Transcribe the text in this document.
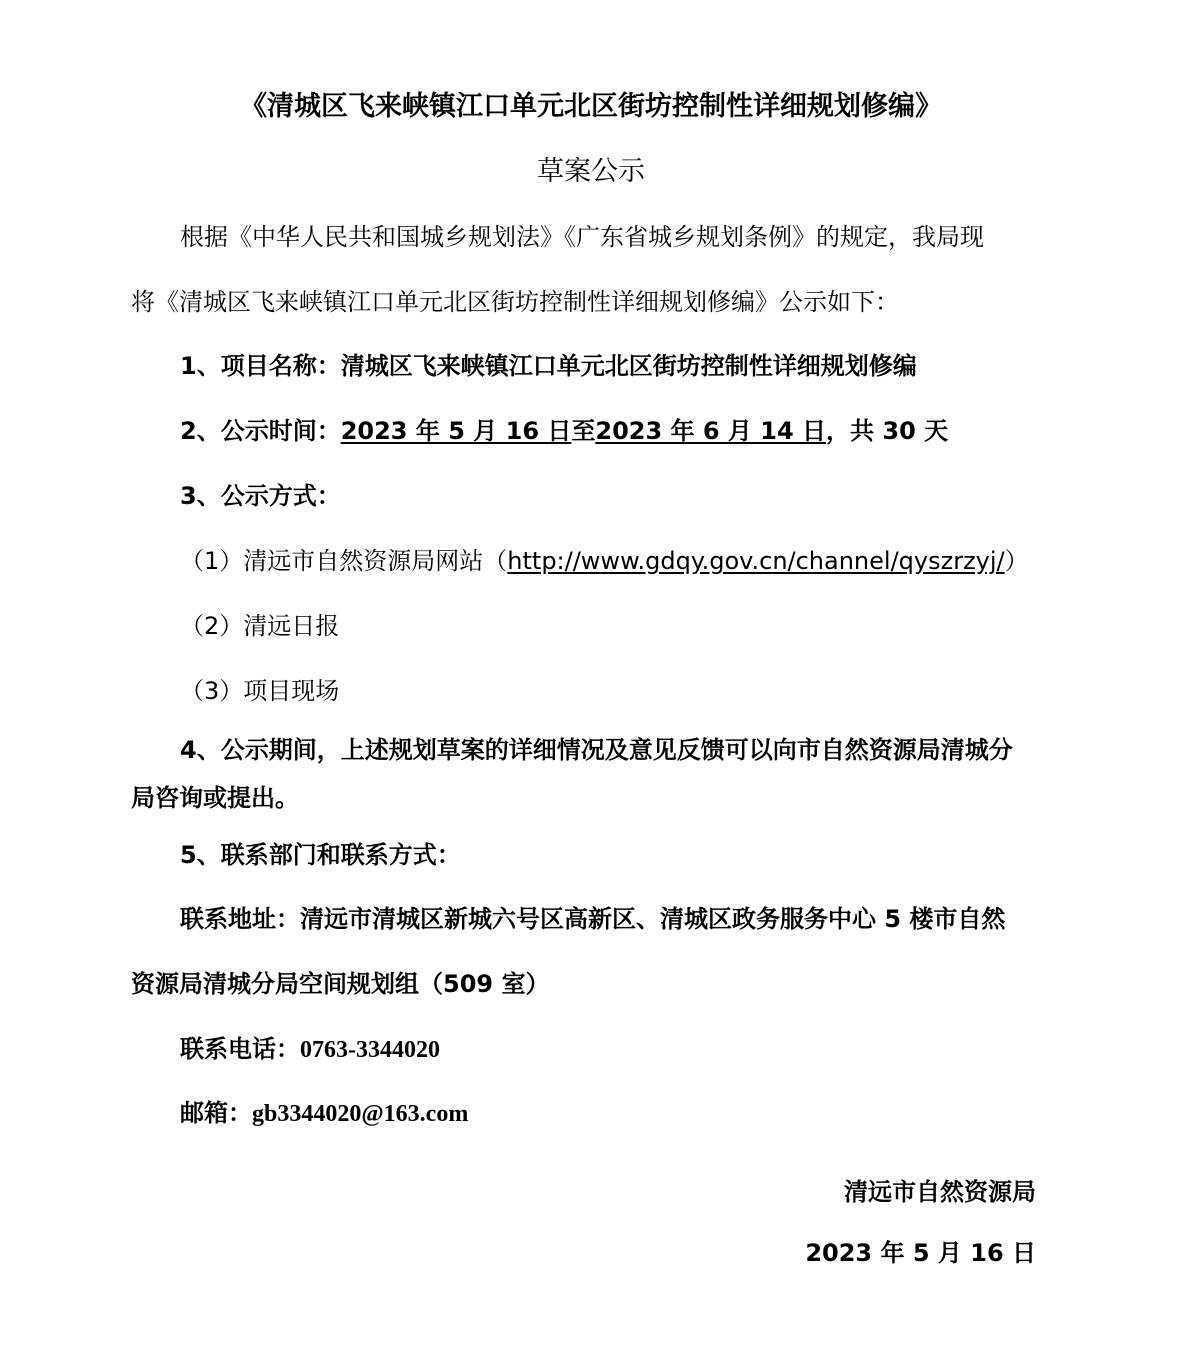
《清城区飞来峡镇江口单元北区街坊控制性详细规划修编》
草案公示
根据《中华人民共和国城乡规划法》《广东省城乡规划条例》的规定，我局现
将《清城区飞来峡镇江口单元北区街坊控制性详细规划修编》公示如下：
1、项目名称：清城区飞来峡镇江口单元北区街坊控制性详细规划修编
2、公示时间：2023 年 5 月 16 日至2023 年 6 月 14 日，共 30 天
3、公示方式：
（1）清远市自然资源局网站（http://www.gdqy.gov.cn/channel/qyszrzyj/）
（2）清远日报
（3）项目现场
4、公示期间，上述规划草案的详细情况及意见反馈可以向市自然资源局清城分
局咨询或提出。
5、联系部门和联系方式：
联系地址：清远市清城区新城六号区高新区、清城区政务服务中心 5 楼市自然
资源局清城分局空间规划组（509 室）
联系电话：0763-3344020
邮箱：gb3344020@163.com
清远市自然资源局
2023 年 5 月 16 日
